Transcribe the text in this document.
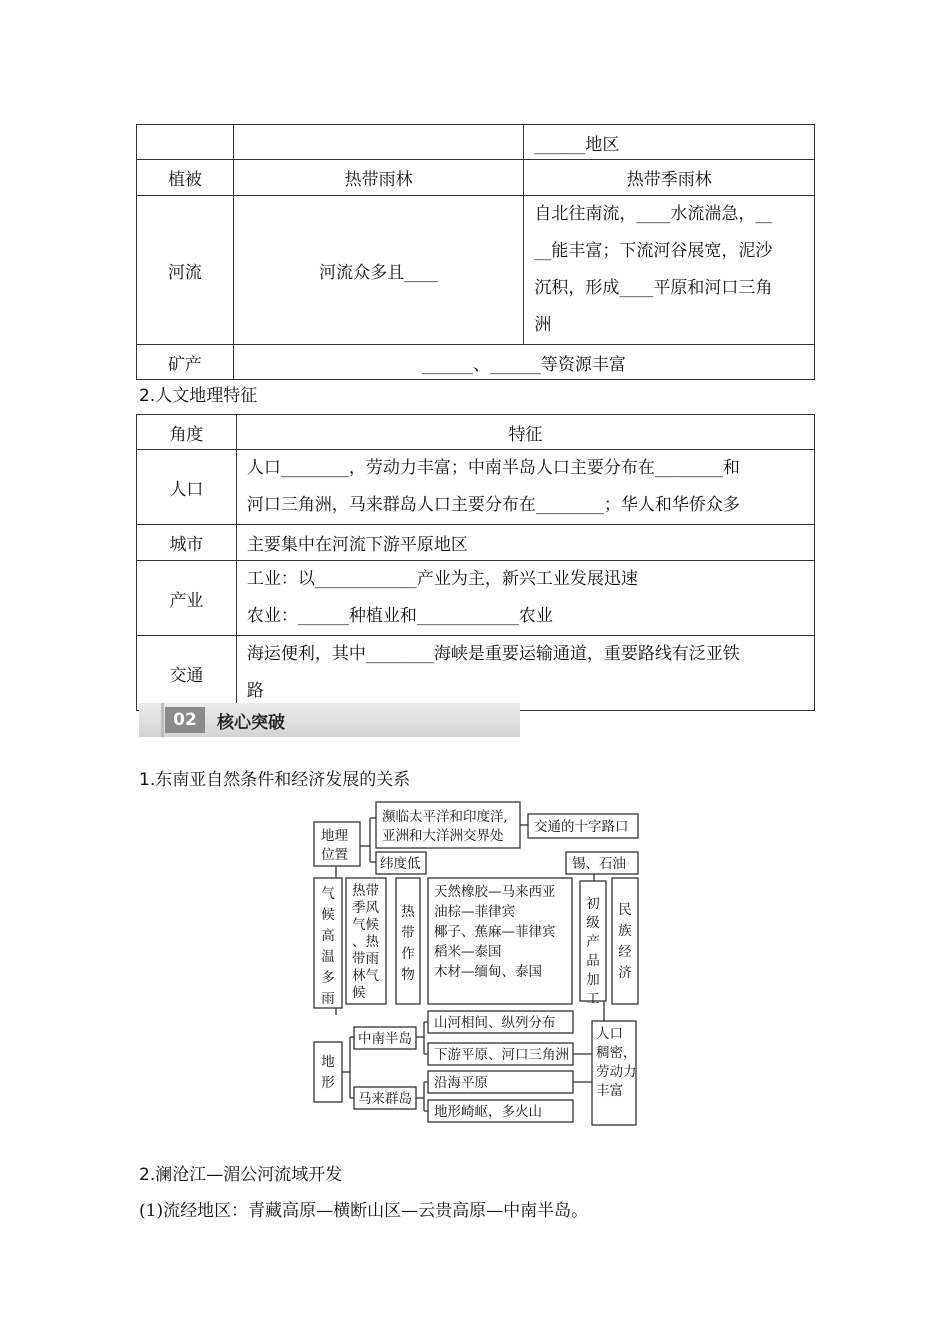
		______地区
植被	热带雨林	热带季雨林
河流	河流众多且____	自北往南流，____水流湍急，__
__能丰富；下流河谷展宽，泥沙
沉积，形成____平原和河口三角
洲

矿产	______、______等资源丰富	
2.人文地理特征
角度	特征
人口	人口________，劳动力丰富；中南半岛人口主要分布在________和
河口三角洲，马来群岛人口主要分布在________；华人和华侨众多

城市	主要集中在河流下游平原地区
产业	工业：以____________产业为主，新兴工业发展迅速
农业：______种植业和____________农业

交通	海运便利，其中________海峡是重要运输通道，重要路线有泛亚铁
路
02	核心突破
1.东南亚自然条件和经济发展的关系
地理
位置
濒临太平洋和印度洋,
亚洲和大洋洲交界处
交通的十字路口
纬度低	锡、石油
气
候
高
温
多
雨
热带
季风
气候
、热
带雨
林气
候
热
带
作
物
天然橡胶—马来西亚
油棕—菲律宾
椰子、蕉麻—菲律宾
稻米—泰国
木材—缅甸、泰国
初
级
产
品
加
工
民
族
经
济
地
形
中南半岛
马来群岛
山河相间、纵列分布
下游平原、河口三角洲
沿海平原
地形崎岖，多火山
人口
稠密，
劳动力
丰富
2.澜沧江—湄公河流域开发
(1)流经地区：青藏高原—横断山区—云贵高原—中南半岛。
